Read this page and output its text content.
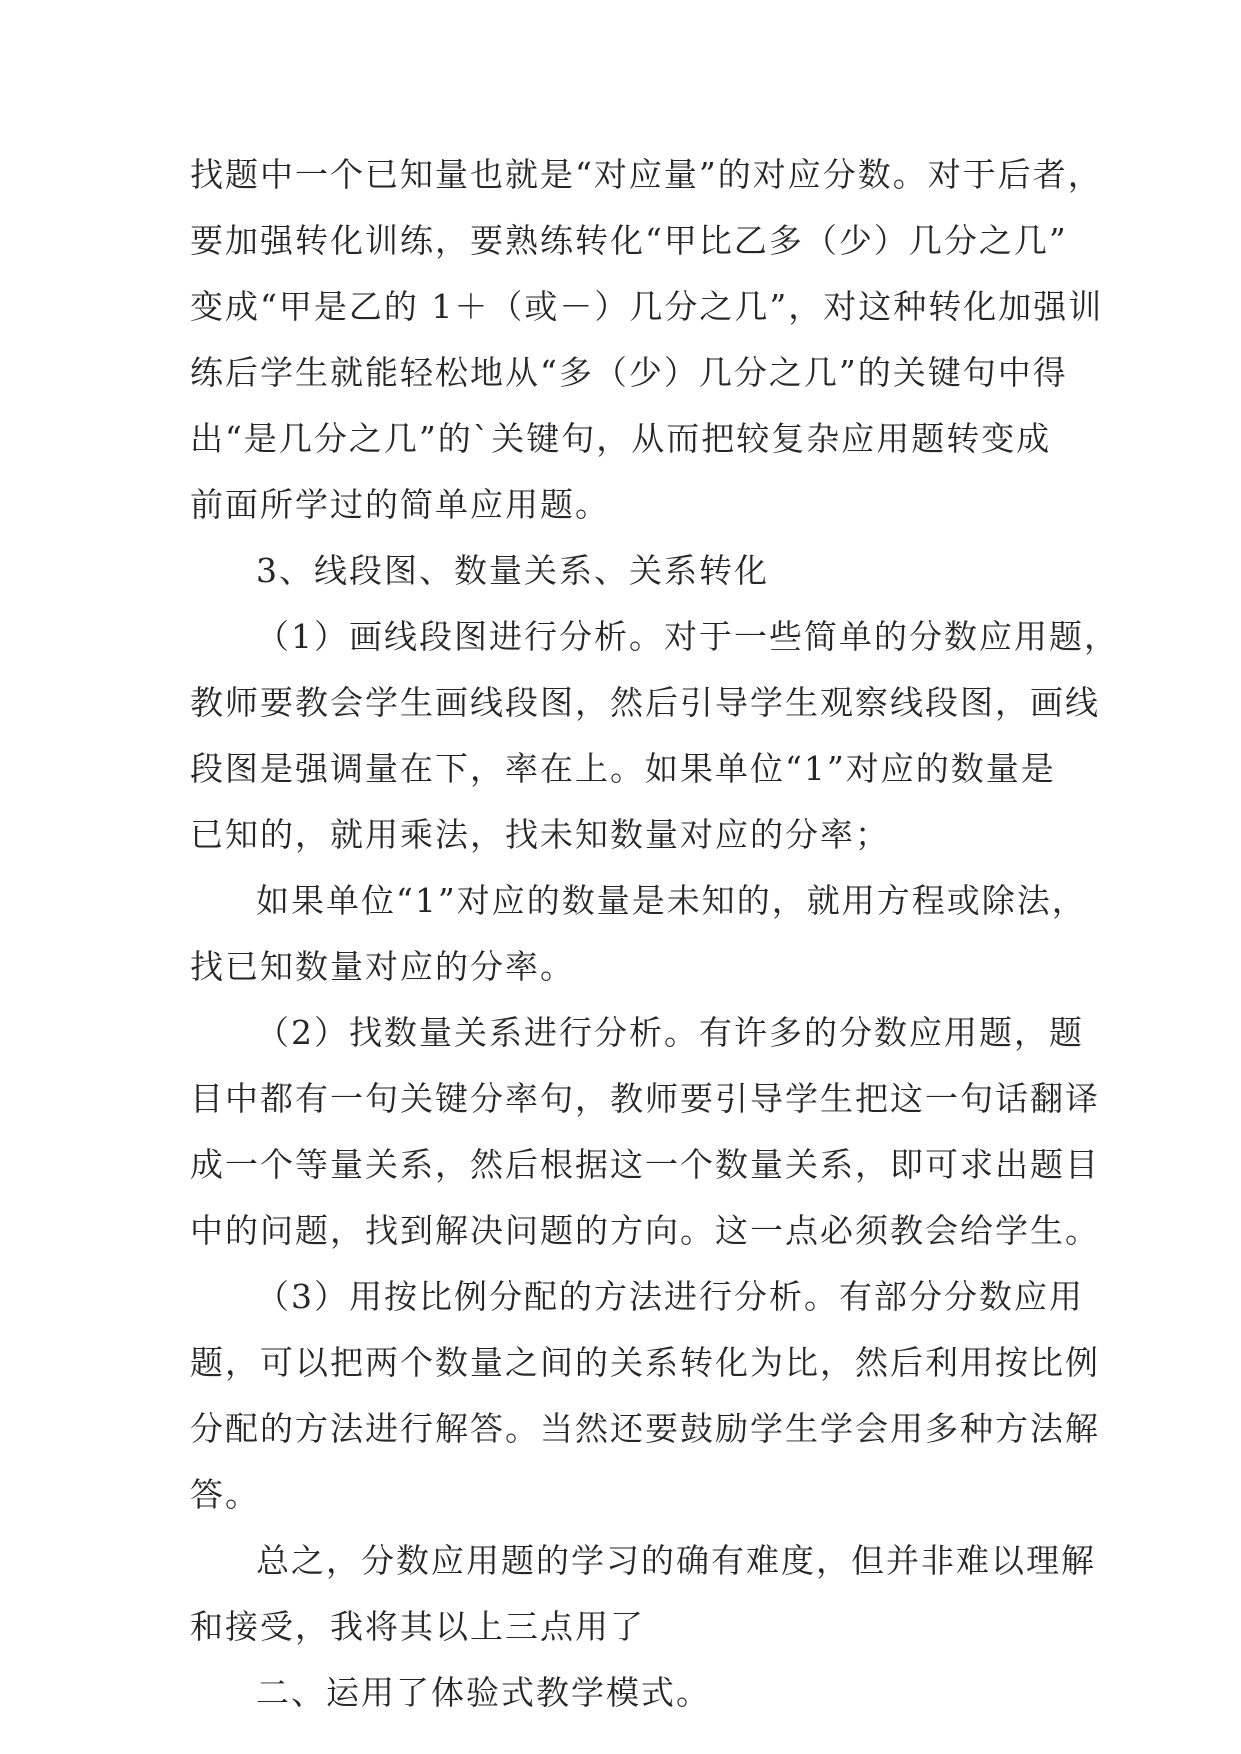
找题中一个已知量也就是“对应量”的对应分数。对于后者，
要加强转化训练，要熟练转化“甲比乙多（少）几分之几”
变成“甲是乙的 1＋（或－）几分之几”，对这种转化加强训
练后学生就能轻松地从“多（少）几分之几”的关键句中得
出“是几分之几”的`关键句，从而把较复杂应用题转变成
前面所学过的简单应用题。
3、线段图、数量关系、关系转化
（1）画线段图进行分析。对于一些简单的分数应用题，
教师要教会学生画线段图，然后引导学生观察线段图，画线
段图是强调量在下，率在上。如果单位“1”对应的数量是
已知的，就用乘法，找未知数量对应的分率；
如果单位“1”对应的数量是未知的，就用方程或除法，
找已知数量对应的分率。
（2）找数量关系进行分析。有许多的分数应用题，题
目中都有一句关键分率句，教师要引导学生把这一句话翻译
成一个等量关系，然后根据这一个数量关系，即可求出题目
中的问题，找到解决问题的方向。这一点必须教会给学生。
（3）用按比例分配的方法进行分析。有部分分数应用
题，可以把两个数量之间的关系转化为比，然后利用按比例
分配的方法进行解答。当然还要鼓励学生学会用多种方法解
答。
总之，分数应用题的学习的确有难度，但并非难以理解
和接受，我将其以上三点用了
二、运用了体验式教学模式。
